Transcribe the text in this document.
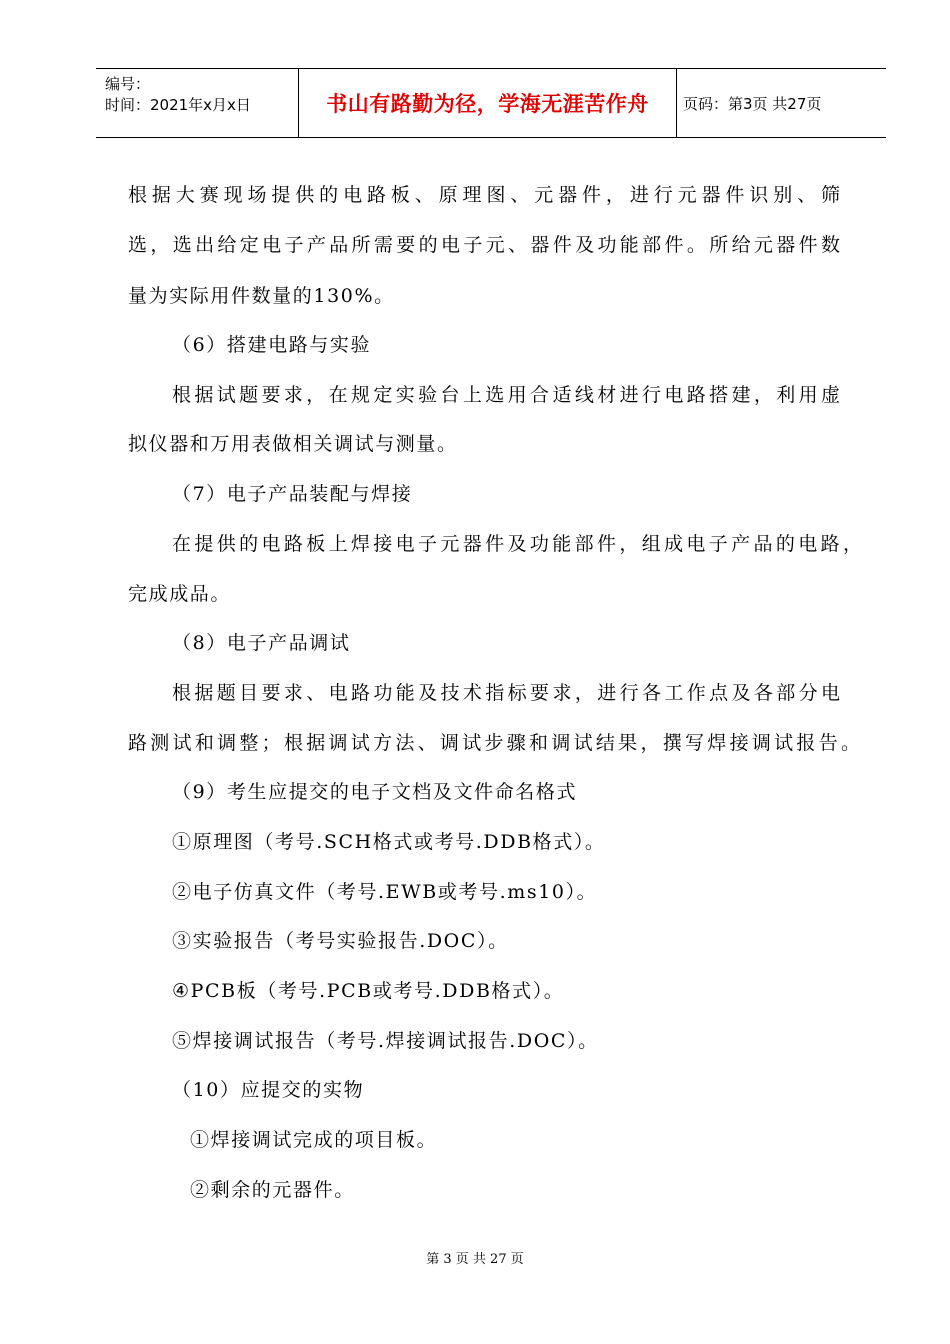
编号：
时间：2021年x月x日	书山有路勤为径，学海无涯苦作舟 页码：第3页 共27页
根据大赛现场提供的电路板、原理图、元器件，进行元器件识别、筛
选，选出给定电子产品所需要的电子元、器件及功能部件。所给元器件数
量为实际用件数量的130%。
（6）搭建电路与实验
根据试题要求，在规定实验台上选用合适线材进行电路搭建，利用虚
拟仪器和万用表做相关调试与测量。
（7）电子产品装配与焊接
在提供的电路板上焊接电子元器件及功能部件，组成电子产品的电路，
完成成品。
（8）电子产品调试
根据题目要求、电路功能及技术指标要求，进行各工作点及各部分电
路测试和调整；根据调试方法、调试步骤和调试结果，撰写焊接调试报告。
（9）考生应提交的电子文档及文件命名格式
①原理图（考号.SCH格式或考号.DDB格式）。
②电子仿真文件（考号.EWB或考号.ms10）。
③实验报告（考号实验报告.DOC）。
④PCB板（考号.PCB或考号.DDB格式）。
⑤焊接调试报告（考号.焊接调试报告.DOC）。
（10）应提交的实物
①焊接调试完成的项目板。
②剩余的元器件。
第 3 页 共 27 页
